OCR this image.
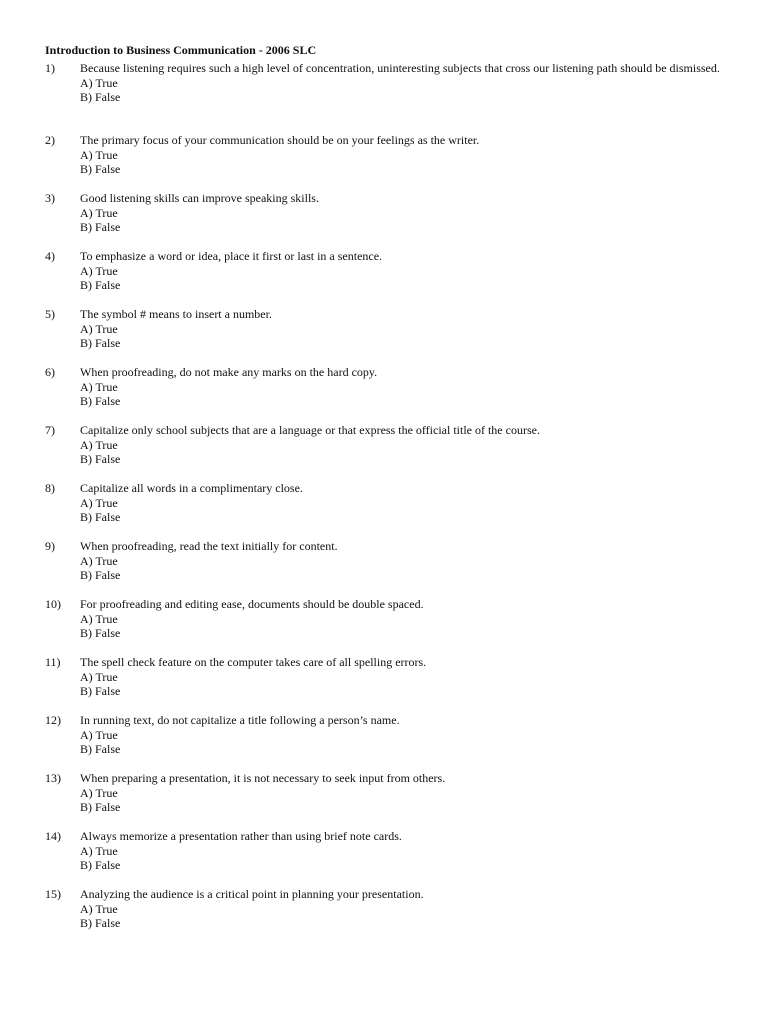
Introduction to Business Communication - 2006 SLC
1) Because listening requires such a high level of concentration, uninteresting subjects that cross our listening path should be dismissed.
A) True
B) False
2) The primary focus of your communication should be on your feelings as the writer.
A) True
B) False
3) Good listening skills can improve speaking skills.
A) True
B) False
4) To emphasize a word or idea, place it first or last in a sentence.
A) True
B) False
5) The symbol # means to insert a number.
A) True
B) False
6) When proofreading, do not make any marks on the hard copy.
A) True
B) False
7) Capitalize only school subjects that are a language or that express the official title of the course.
A) True
B) False
8) Capitalize all words in a complimentary close.
A) True
B) False
9) When proofreading, read the text initially for content.
A) True
B) False
10) For proofreading and editing ease, documents should be double spaced.
A) True
B) False
11) The spell check feature on the computer takes care of all spelling errors.
A) True
B) False
12) In running text, do not capitalize a title following a person’s name.
A) True
B) False
13) When preparing a presentation, it is not necessary to seek input from others.
A) True
B) False
14) Always memorize a presentation rather than using brief note cards.
A) True
B) False
15) Analyzing the audience is a critical point in planning your presentation.
A) True
B) False
